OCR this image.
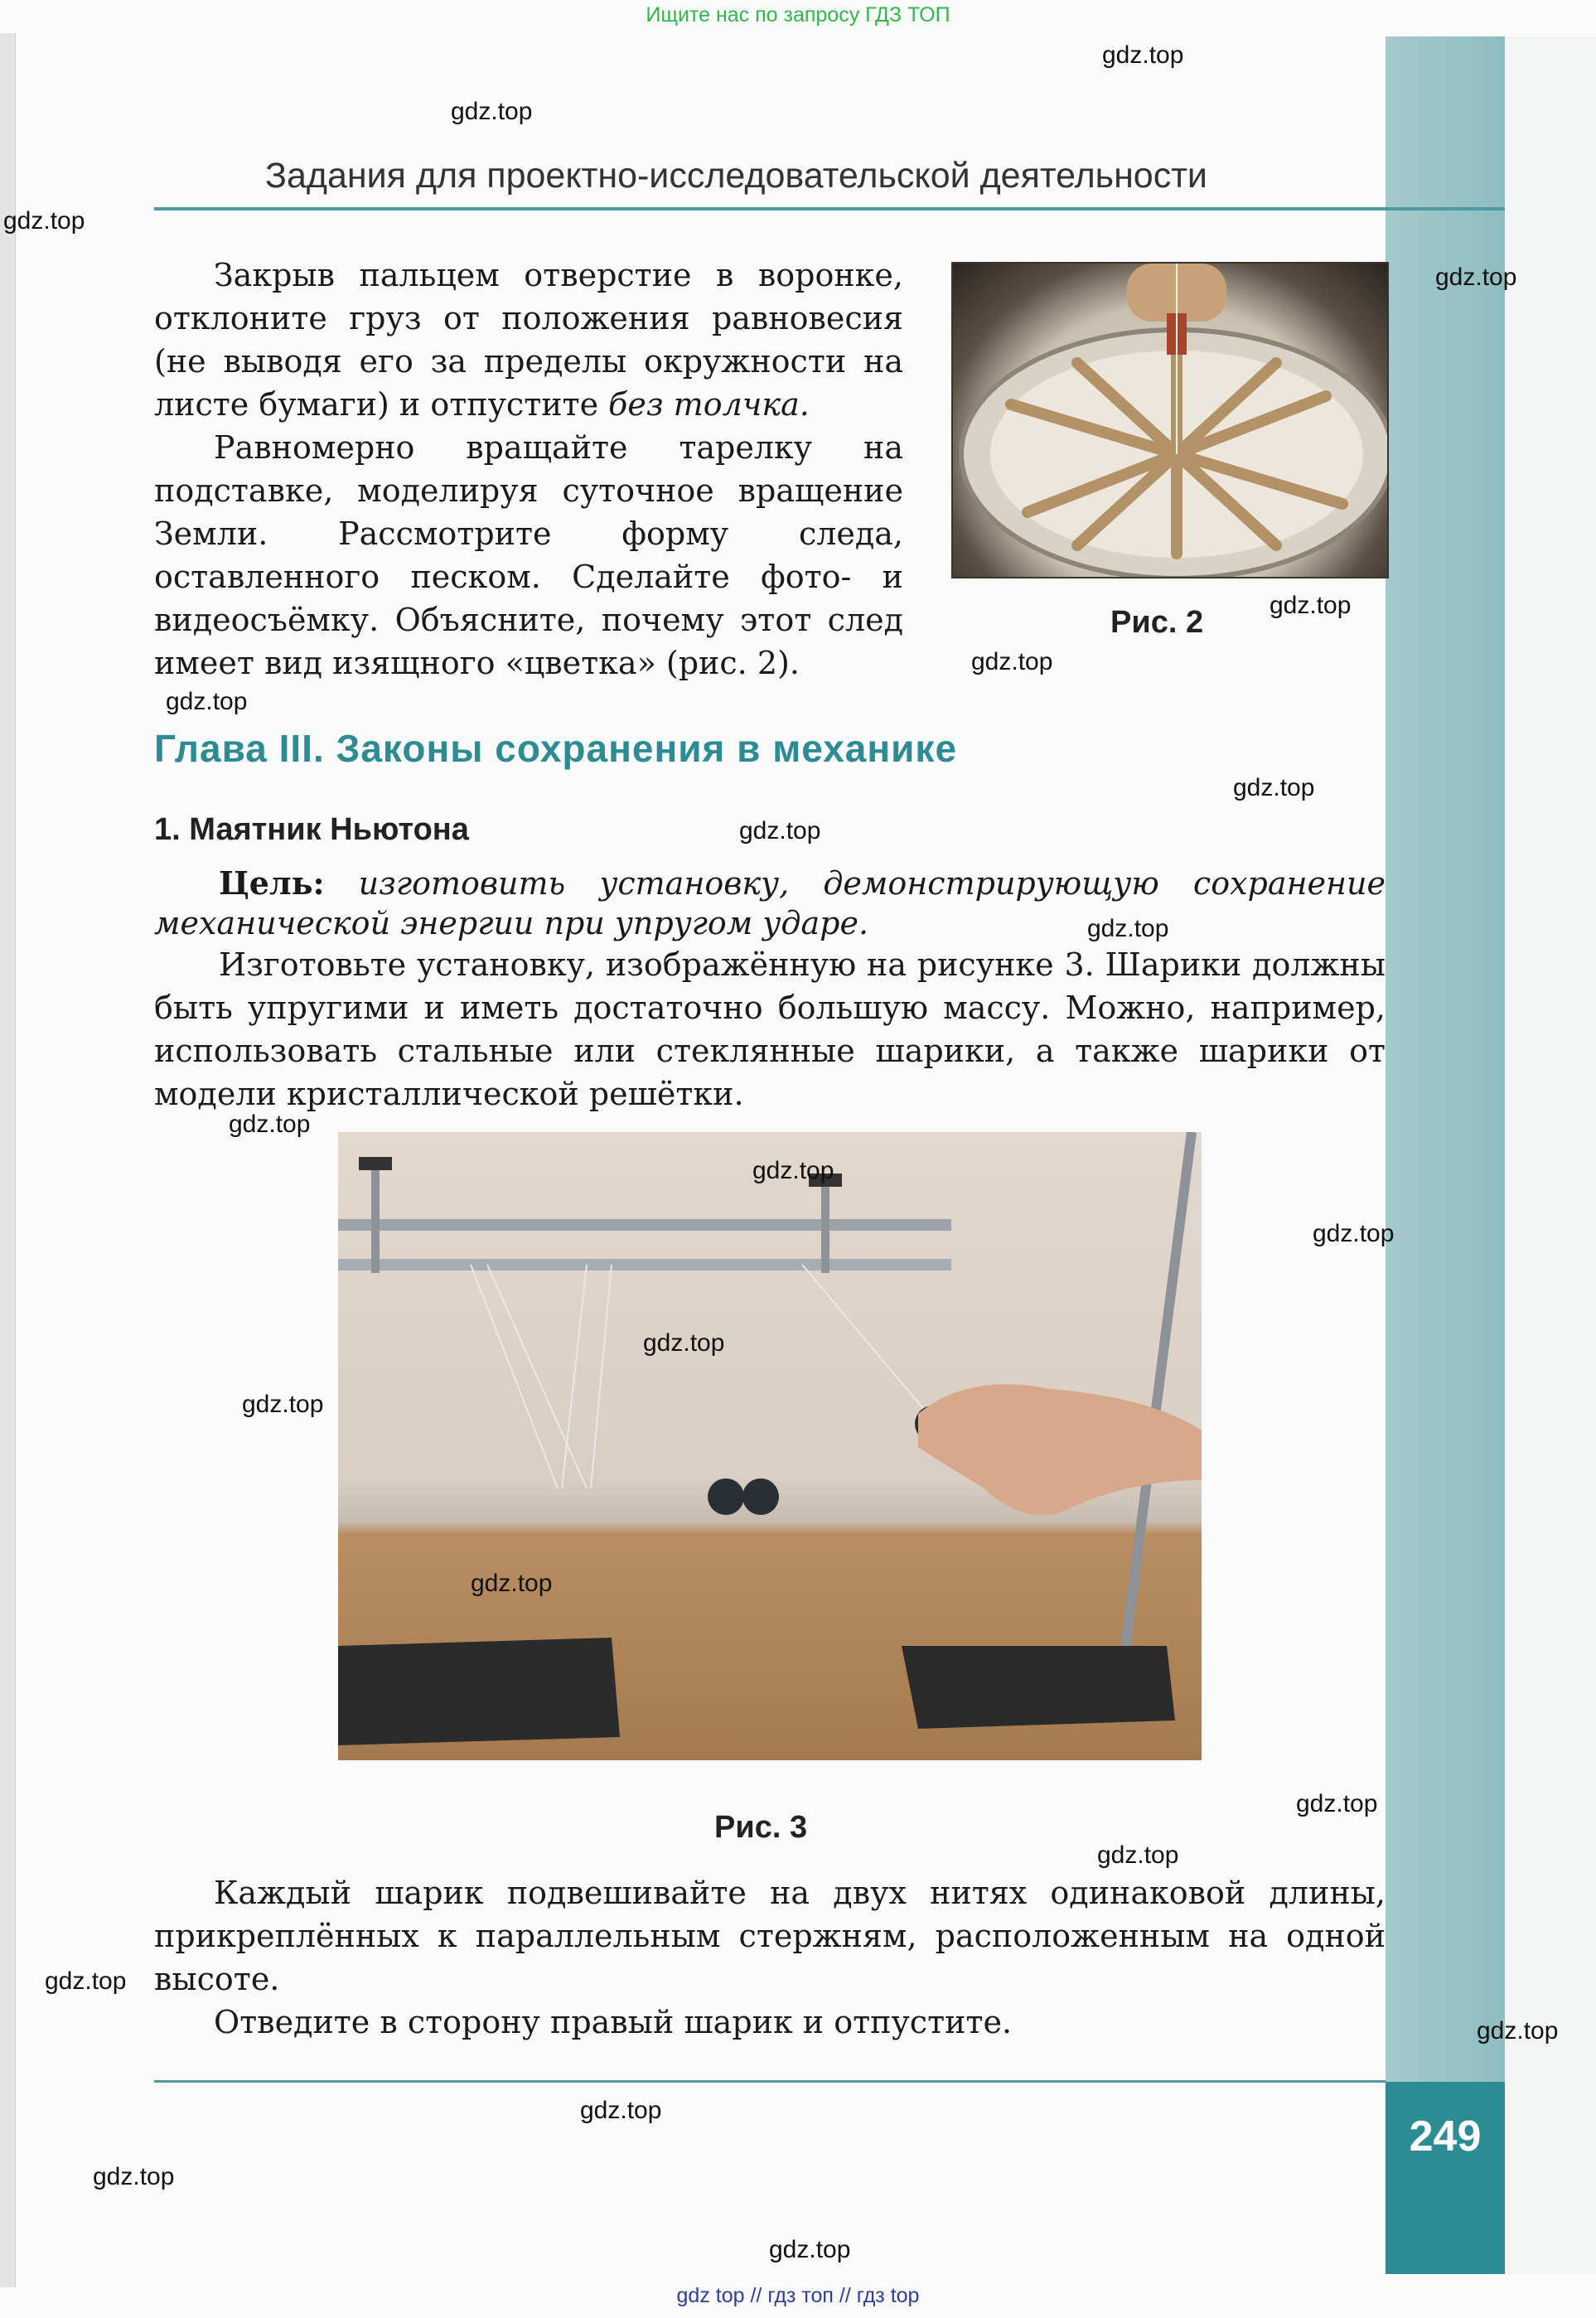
Ищите нас по запросу ГДЗ ТОП
Задания для проектно-исследовательской деятельности

Закрыв пальцем отверстие в воронке, отклоните груз от положения равновесия (не выводя его за пределы окружности на листе бумаги) и отпустите без толчка.

Равномерно вращайте тарелку на подставке, моделируя суточное вращение Земли. Рассмотрите форму следа, оставленного песком. Сделайте фото- и видеосъёмку. Объясните, почему этот след имеет вид изящного «цветка» (рис. 2).

Рис. 2
Глава III. Законы сохранения в механике
1. Маятник Ньютона
Цель: изготовить установку, демонстрирующую сохранение механической энергии при упругом ударе.

Изготовьте установку, изображённую на рисунке 3. Шарики должны быть упругими и иметь достаточно большую массу. Можно, например, использовать стальные или стеклянные шарики, а также шарики от модели кристаллической решётки.

Рис. 3

Каждый шарик подвешивайте на двух нитях одинаковой длины, прикреплённых к параллельным стержням, расположенным на одной высоте.

Отведите в сторону правый шарик и отпустите.

249
gdz top // гдз топ // гдз top
gdz.top
gdz.top
gdz.top
gdz.top
gdz.top
gdz.top
gdz.top
gdz.top
gdz.top
gdz.top
gdz.top
gdz.top
gdz.top
gdz.top
gdz.top
gdz.top
gdz.top
gdz.top
gdz.top
gdz.top
gdz.top
gdz.top
gdz.top
